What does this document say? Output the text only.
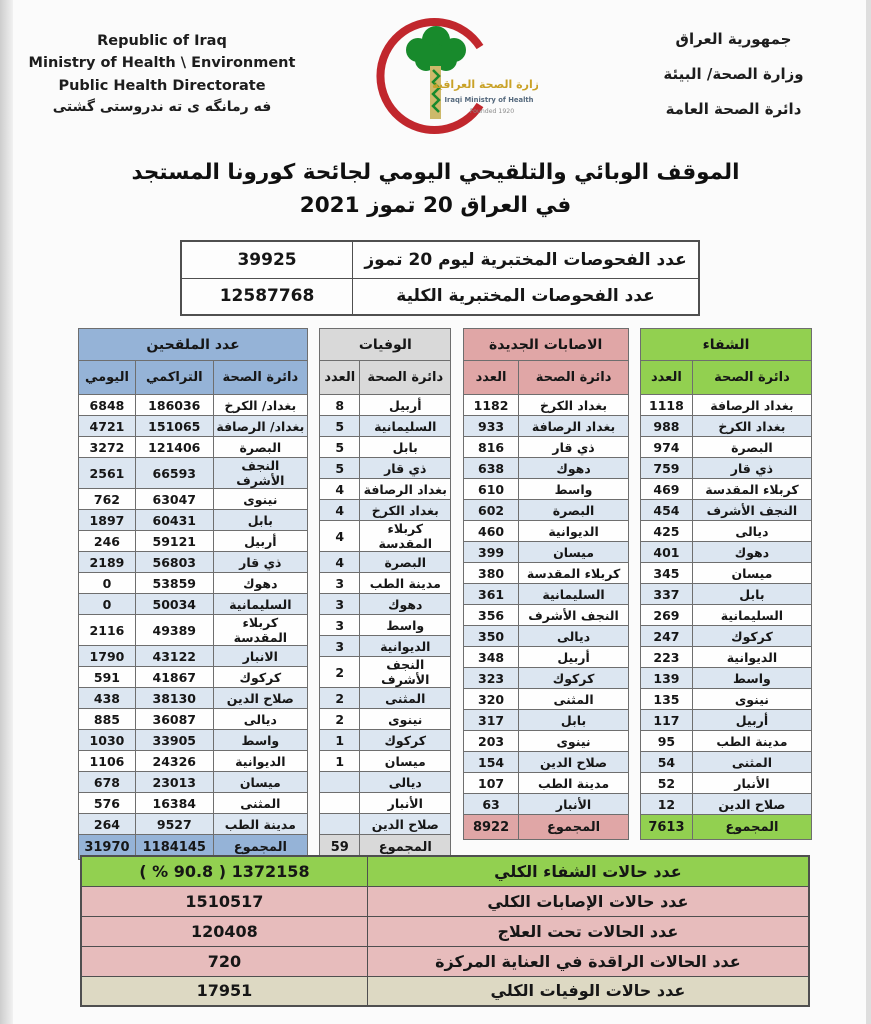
Republic of Iraq
Ministry of Health \ Environment
Public Health Directorate
فه رمانگه ی ته ندروستی گشتی
وزارة الصحة العراقية
Iraqi Ministry of Health
Founded 1920
جمهورية العراق
وزارة الصحة/ البيئة
دائرة الصحة العامة
الموقف الوبائي والتلقيحي اليومي لجائحة كورونا المستجد
في العراق 20 تموز 2021
عدد الفحوصات المختبرية ليوم 20 تموز	39925
عدد الفحوصات المختبرية الكلية	12587768
الشفاء	
دائرة الصحة	العدد
بغداد الرصافة	1118
بغداد الكرخ	988
البصرة	974
ذي قار	759
كربلاء المقدسة	469
النجف الأشرف	454
ديالى	425
دهوك	401
ميسان	345
بابل	337
السليمانية	269
كركوك	247
الديوانية	223
واسط	139
نينوى	135
أربيل	117
مدينة الطب	95
المثنى	54
الأنبار	52
صلاح الدين	12
المجموع	7613
الاصابات الجديدة	
دائرة الصحة	العدد
بغداد الكرخ	1182
بغداد الرصافة	933
ذي قار	816
دهوك	638
واسط	610
البصرة	602
الديوانية	460
ميسان	399
كربلاء المقدسة	380
السليمانية	361
النجف الأشرف	356
ديالى	350
أربيل	348
كركوك	323
المثنى	320
بابل	317
نينوى	203
صلاح الدين	154
مدينة الطب	107
الأنبار	63
المجموع	8922
الوفيات	
دائرة الصحة	العدد
أربيل	8
السليمانية	5
بابل	5
ذي قار	5
بغداد الرصافة	4
بغداد الكرخ	4
كربلاء المقدسة	4
البصرة	4
مدينة الطب	3
دهوك	3
واسط	3
الديوانية	3
النجف الأشرف	2
المثنى	2
نينوى	2
كركوك	1
ميسان	1
ديالى	
الأنبار	
صلاح الدين	
المجموع	59
عدد الملقحين		
دائرة الصحة	التراكمي	اليومي
بغداد/ الكرخ	186036	6848
بغداد/ الرصافة	151065	4721
البصرة	121406	3272
النجف الأشرف	66593	2561
نينوى	63047	762
بابل	60431	1897
أربيل	59121	246
ذي قار	56803	2189
دهوك	53859	0
السليمانية	50034	0
كربلاء المقدسة	49389	2116
الانبار	43122	1790
كركوك	41867	591
صلاح الدين	38130	438
ديالى	36087	885
واسط	33905	1030
الديوانية	24326	1106
ميسان	23013	678
المثنى	16384	576
مدينة الطب	9527	264
المجموع	1184145	31970
عدد حالات الشفاء الكلي	1372158 ( 90.8 % )
عدد حالات الإصابات الكلي	1510517
عدد الحالات تحت العلاج	120408
عدد الحالات الراقدة في العناية المركزة	720
عدد حالات الوفيات الكلي	17951
